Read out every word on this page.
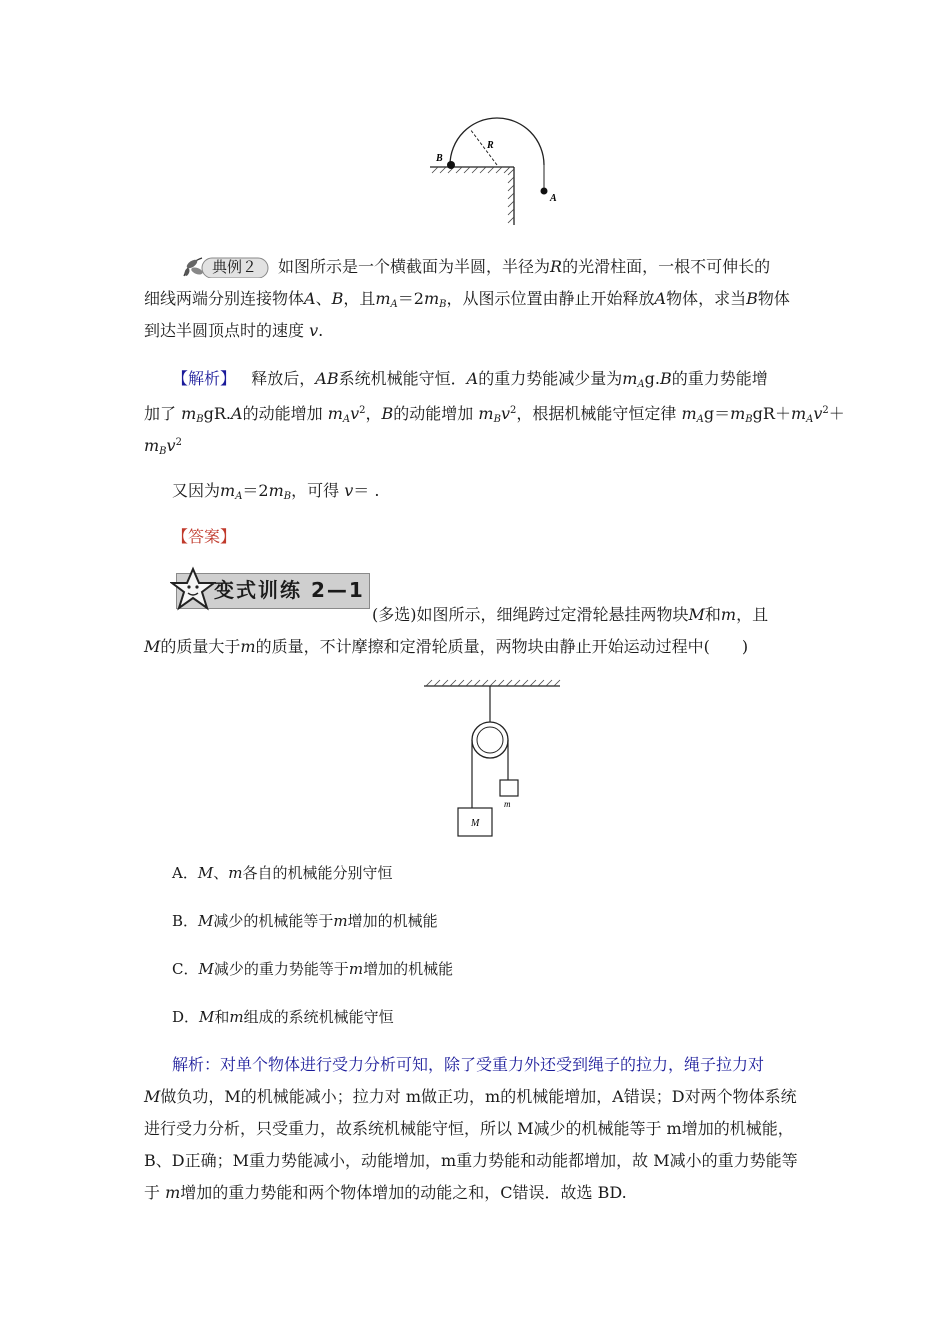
B
R
A
典例２ 如图所示是一个横截面为半圆，半径为R的光滑柱面，一根不可伸长的
细线两端分别连接物体A、B，且$m_A=2m_B$，从图示位置由静止开始释放A物体，求当B物体
到达半圆顶点时的速度 v.
【解析】 释放后，AB系统机械能守恒．A的重力势能减少量为$m_Ag.B$的重力势能增
加了 $m_BgR.A$的动能增加 $m_Av^2$，B的动能增加 $m_Bv^2$，根据机械能守恒定律 $m_Ag=m_BgR+m_Av^2+$
$m_Bv^2$
又因为$m_A=2m_B$，可得 v＝ .
【答案】
变式训练 2—1
(多选)如图所示，细绳跨过定滑轮悬挂两物块M和m，且
M的质量大于m的质量，不计摩擦和定滑轮质量，两物块由静止开始运动过程中(　　)
m
M
A．M、m各自的机械能分别守恒
B．M减少的机械能等于m增加的机械能
C．M减少的重力势能等于m增加的机械能
D．M和m组成的系统机械能守恒
解析：对单个物体进行受力分析可知，除了受重力外还受到绳子的拉力，绳子拉力对
M做负功，M的机械能减小；拉力对 m做正功，m的机械能增加，A错误；D对两个物体系统
进行受力分析，只受重力，故系统机械能守恒，所以 M减少的机械能等于 m增加的机械能，
B、D正确；M重力势能减小，动能增加，m重力势能和动能都增加，故 M减小的重力势能等
于 m增加的重力势能和两个物体增加的动能之和，C错误．故选 BD.
